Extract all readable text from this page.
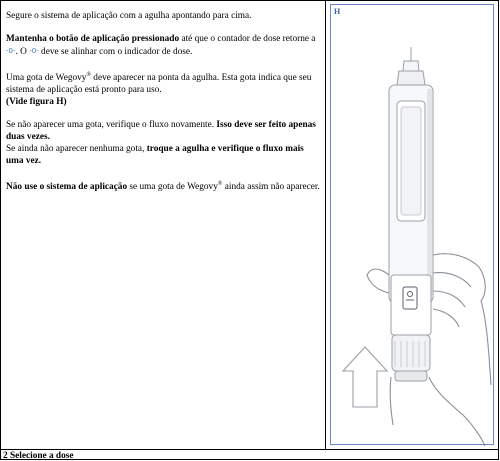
Segure o sistema de aplicação com a agulha apontando para cima.

Mantenha o botão de aplicação pressionado até que o contador de dose retorne a -0-. O -0- deve se alinhar com o indicador de dose.

Uma gota de Wegovy® deve aparecer na ponta da agulha. Esta gota indica que seu sistema de aplicação está pronto para uso.
(Vide figura H)

Se não aparecer uma gota, verifique o fluxo novamente. Isso deve ser feito apenas duas vezes.
Se ainda não aparecer nenhuma gota, troque a agulha e verifique o fluxo mais uma vez.

Não use o sistema de aplicação se uma gota de Wegovy® ainda assim não aparecer.

H
2 Selecione a dose
